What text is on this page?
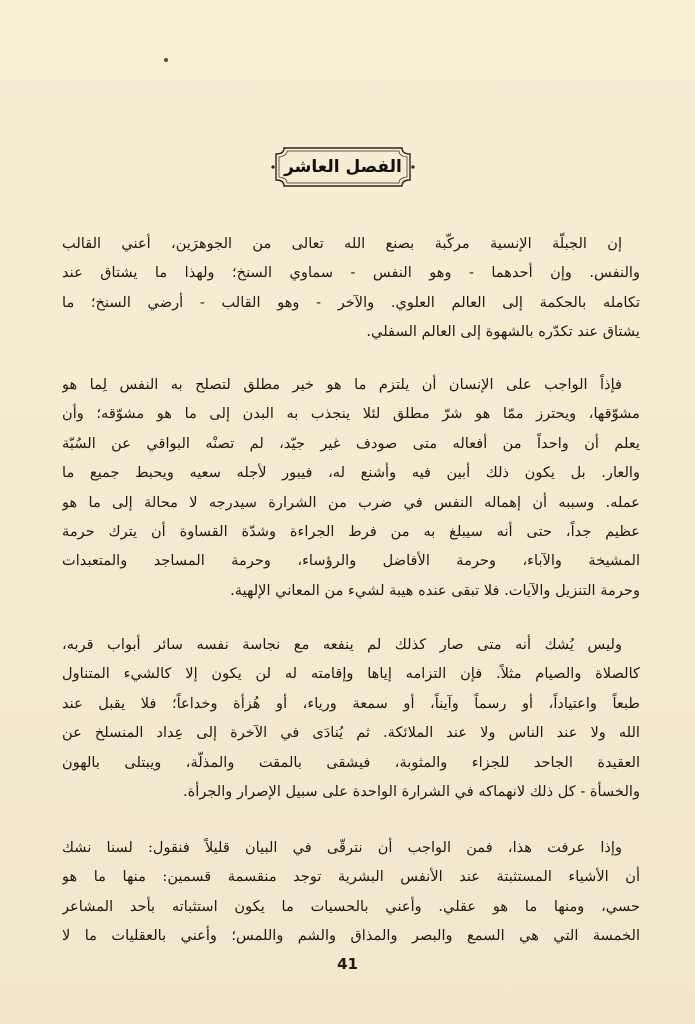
الفصل العاشر
إن الجبلّة الإنسية مركّبة بصنع الله تعالى من الجوهرَين، أعني القالب
والنفس. وإن أحدهما - وهو النفس - سماوي السنخ؛ ولهذا ما يشتاق عند
تكامله بالحكمة إلى العالم العلوي. والآخر - وهو القالب - أرضي السنخ؛ ما
يشتاق عند تكدّره بالشهوة إلى العالم السفلي.
فإذاً الواجب على الإنسان أن يلتزم ما هو خير مطلق لتصلح به النفس لِما هو
مشوّقها، ويحترز ممّا هو شرّ مطلق لئلا ينجذب به البدن إلى ما هو مشوّقه؛ وأن
يعلم أن واحداً من أفعاله متى صودف غير جيّد، لم تصنْه البواقي عن السُبّة
والعار. بل يكون ذلك أبين فيه وأشنع له، فيبور لأجله سعيه ويحبط جميع ما
عمله. وسببه أن إهماله النفس في ضرب من الشرارة سيدرجه لا محالة إلى ما هو
عظيم جداً، حتى أنه سيبلغ به من فرط الجراءة وشدّة القساوة أن يترك حرمة
المشيخة والآباء، وحرمة الأفاضل والرؤساء، وحرمة المساجد والمتعبدات
وحرمة التنزيل والآيات. فلا تبقى عنده هيبة لشيء من المعاني الإلهية.
وليس يُشك أنه متى صار كذلك لم ينفعه مع نجاسة نفسه سائر أبواب قربه،
كالصلاة والصيام مثلاً. فإن التزامه إياها وإقامته له لن يكون إلا كالشيء المتناول
طبعاً واعتياداً، أو رسماً وآيناً، أو سمعة ورياء، أو هُزأة وخداعاً؛ فلا يقبل عند
الله ولا عند الناس ولا عند الملائكة. ثم يُنادَى في الآخرة إلى عِداد المنسلخ عن
العقيدة الجاحد للجزاء والمثوبة، فيشقى بالمقت والمذلّة، ويبتلى بالهون
والخسأة - كل ذلك لانهماكه في الشرارة الواحدة على سبيل الإصرار والجرأة.
وإذا عرفت هذا، فمن الواجب أن نترقّى في البيان قليلاً فنقول: لسنا نشك
أن الأشياء المستثبتة عند الأنفس البشرية توجد منقسمة قسمين: منها ما هو
حسي، ومنها ما هو عقلي. وأعني بالحسيات ما يكون استثباته بأحد المشاعر
الخمسة التي هي السمع والبصر والمذاق والشم واللمس؛ وأعني بالعقليات ما لا
41
